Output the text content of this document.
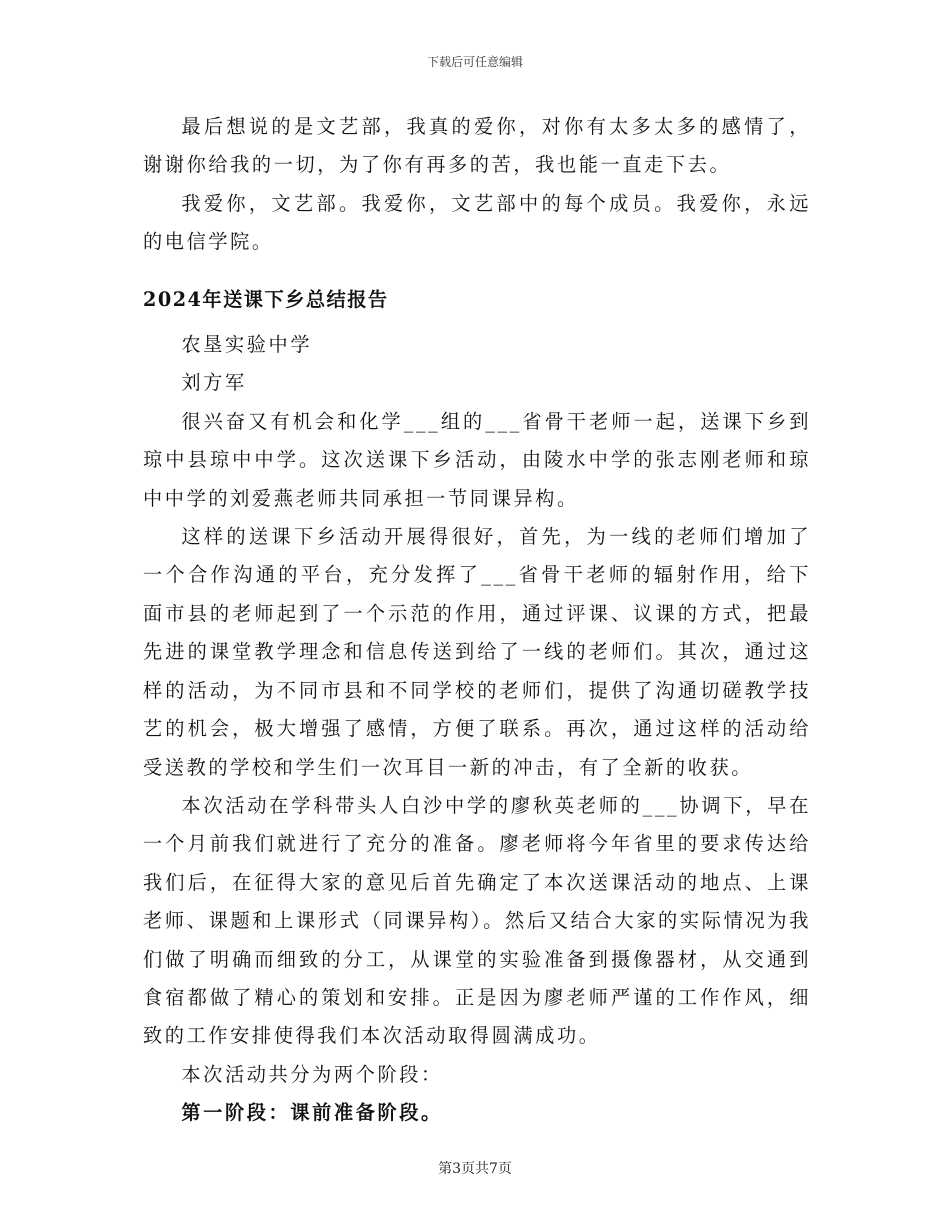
下载后可任意编辑

最后想说的是文艺部，我真的爱你，对你有太多太多的感情了，谢谢你给我的一切，为了你有再多的苦，我也能一直走下去。

我爱你，文艺部。我爱你，文艺部中的每个成员。我爱你，永远的电信学院。

2024年送课下乡总结报告

农垦实验中学

刘方军

很兴奋又有机会和化学___组的___省骨干老师一起，送课下乡到琼中县琼中中学。这次送课下乡活动，由陵水中学的张志刚老师和琼中中学的刘爱燕老师共同承担一节同课异构。

这样的送课下乡活动开展得很好，首先，为一线的老师们增加了一个合作沟通的平台，充分发挥了___省骨干老师的辐射作用，给下面市县的老师起到了一个示范的作用，通过评课、议课的方式，把最先进的课堂教学理念和信息传送到给了一线的老师们。其次，通过这样的活动，为不同市县和不同学校的老师们，提供了沟通切磋教学技艺的机会，极大增强了感情，方便了联系。再次，通过这样的活动给受送教的学校和学生们一次耳目一新的冲击，有了全新的收获。

本次活动在学科带头人白沙中学的廖秋英老师的___协调下，早在一个月前我们就进行了充分的准备。廖老师将今年省里的要求传达给我们后，在征得大家的意见后首先确定了本次送课活动的地点、上课老师、课题和上课形式（同课异构）。然后又结合大家的实际情况为我们做了明确而细致的分工，从课堂的实验准备到摄像器材，从交通到食宿都做了精心的策划和安排。正是因为廖老师严谨的工作作风，细致的工作安排使得我们本次活动取得圆满成功。

本次活动共分为两个阶段：

第一阶段：课前准备阶段。

第3页共7页
